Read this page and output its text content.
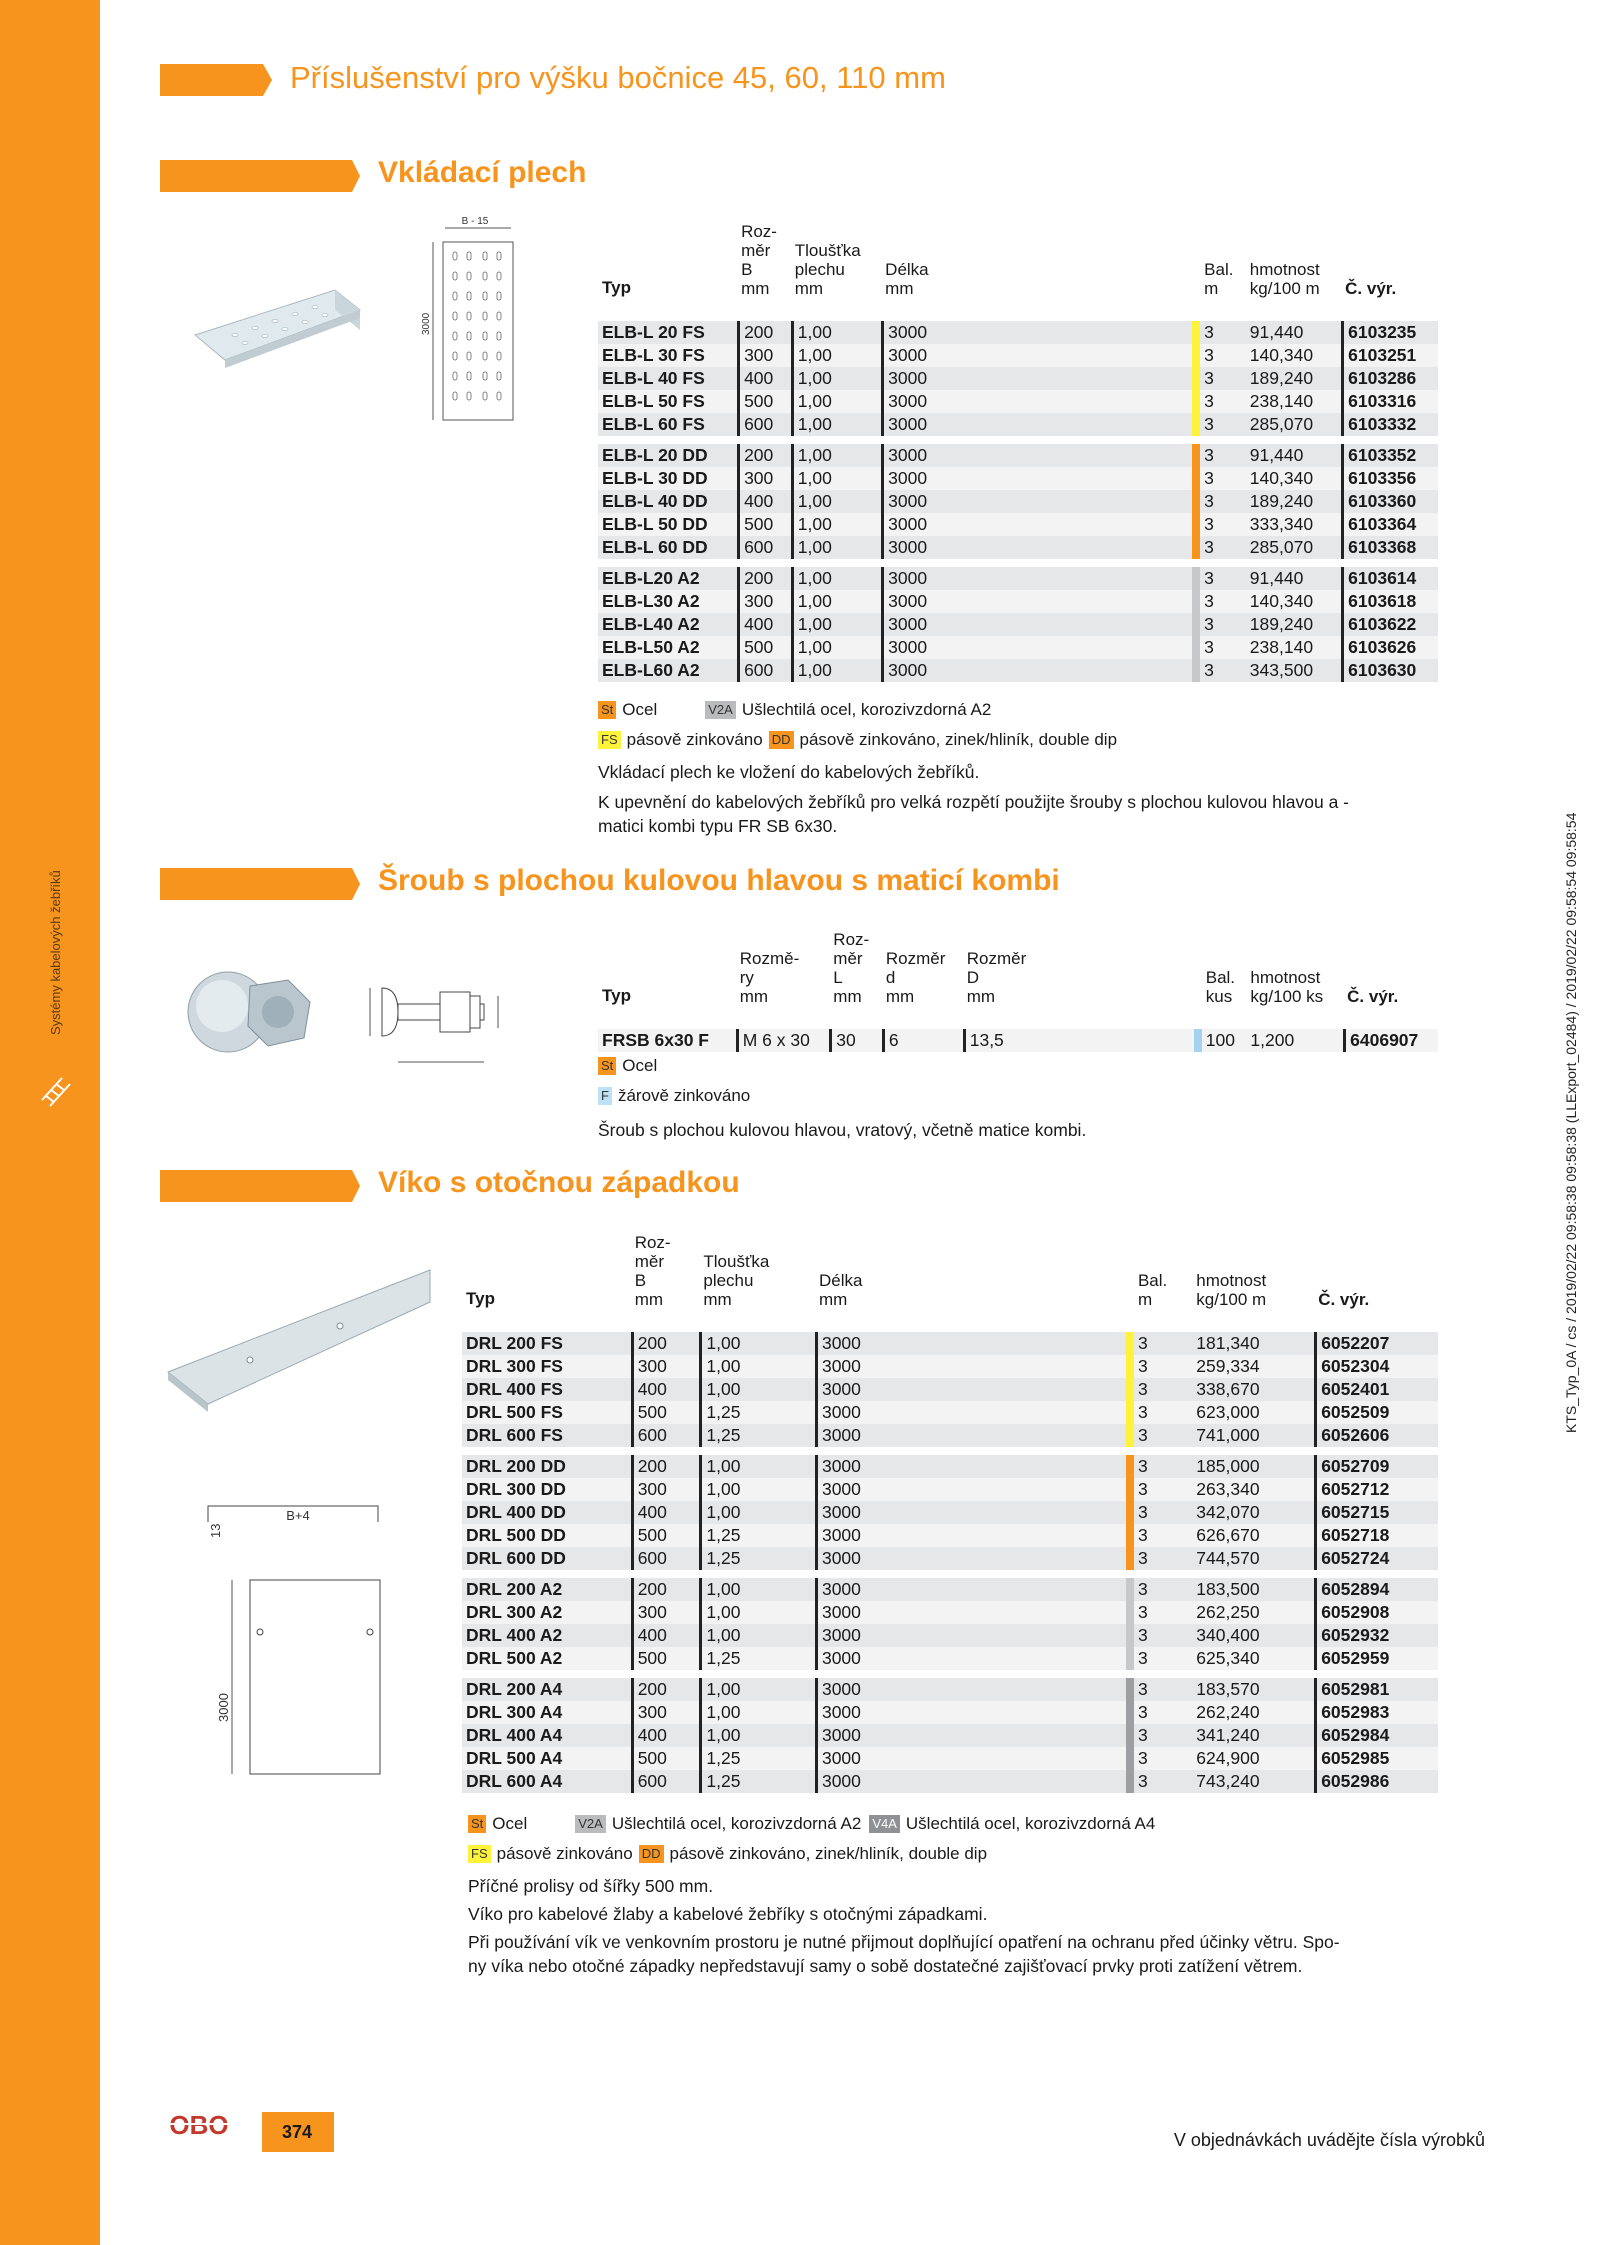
Systémy kabelových žebříků
Příslušenství pro výšku bočnice 45, 60, 110 mm
Vkládací plech
B - 15
3000
	Roz-
měr
B
mm	Tloušťka
plechu
mm	Délka
mm		Bal.
m	hmotnost
kg/100 m	Č. výr.
Typ							
ELB-L 20 FS	200	1,00	3000		3	91,440	6103235
ELB-L 30 FS	300	1,00	3000		3	140,340	6103251
ELB-L 40 FS	400	1,00	3000		3	189,240	6103286
ELB-L 50 FS	500	1,00	3000		3	238,140	6103316
ELB-L 60 FS	600	1,00	3000		3	285,070	6103332

ELB-L 20 DD	200	1,00	3000		3	91,440	6103352
ELB-L 30 DD	300	1,00	3000		3	140,340	6103356
ELB-L 40 DD	400	1,00	3000		3	189,240	6103360
ELB-L 50 DD	500	1,00	3000		3	333,340	6103364
ELB-L 60 DD	600	1,00	3000		3	285,070	6103368

ELB-L20 A2	200	1,00	3000		3	91,440	6103614
ELB-L30 A2	300	1,00	3000		3	140,340	6103618
ELB-L40 A2	400	1,00	3000		3	189,240	6103622
ELB-L50 A2	500	1,00	3000		3	238,140	6103626
ELB-L60 A2	600	1,00	3000		3	343,500	6103630
St Ocel	V2A Ušlechtilá ocel, korozivzdorná A2
FS pásově zinkováno DD pásově zinkováno, zinek/hliník, double dip
Vkládací plech ke vložení do kabelových žebříků.
K upevnění do kabelových žebříků pro velká rozpětí použijte šrouby s plochou kulovou hlavou a -
matici kombi typu FR SB 6x30.
Šroub s plochou kulovou hlavou s maticí kombi

Rozmě-
ry
mm	Roz-
měr
L
mm	Rozměr
d
mm	Rozměr
D
mm		Bal.
kus	hmotnost
kg/100 ks	Č. výr.
Typ								
FRSB 6x30 F	M 6 x 30	30	6	13,5		100	1,200	6406907
St Ocel
F žárově zinkováno
Šroub s plochou kulovou hlavou, vratový, včetně matice kombi.
Víko s otočnou západkou
B+4
13
3000
	Roz-
měr
B
mm	Tloušťka
plechu
mm	Délka
mm		Bal.
m	hmotnost
kg/100 m	Č. výr.
Typ							
DRL 200 FS	200	1,00	3000		3	181,340	6052207
DRL 300 FS	300	1,00	3000		3	259,334	6052304
DRL 400 FS	400	1,00	3000		3	338,670	6052401
DRL 500 FS	500	1,25	3000		3	623,000	6052509
DRL 600 FS	600	1,25	3000		3	741,000	6052606

DRL 200 DD	200	1,00	3000		3	185,000	6052709
DRL 300 DD	300	1,00	3000		3	263,340	6052712
DRL 400 DD	400	1,00	3000		3	342,070	6052715
DRL 500 DD	500	1,25	3000		3	626,670	6052718
DRL 600 DD	600	1,25	3000		3	744,570	6052724

DRL 200 A2	200	1,00	3000		3	183,500	6052894
DRL 300 A2	300	1,00	3000		3	262,250	6052908
DRL 400 A2	400	1,00	3000		3	340,400	6052932
DRL 500 A2	500	1,25	3000		3	625,340	6052959

DRL 200 A4	200	1,00	3000		3	183,570	6052981
DRL 300 A4	300	1,00	3000		3	262,240	6052983
DRL 400 A4	400	1,00	3000		3	341,240	6052984
DRL 500 A4	500	1,25	3000		3	624,900	6052985
DRL 600 A4	600	1,25	3000		3	743,240	6052986
St Ocel	V2A Ušlechtilá ocel, korozivzdorná A2 V4A Ušlechtilá ocel, korozivzdorná A4
FS pásově zinkováno DD pásově zinkováno, zinek/hliník, double dip
Příčné prolisy od šířky 500 mm.
Víko pro kabelové žlaby a kabelové žebříky s otočnými západkami.
Při používání vík ve venkovním prostoru je nutné přijmout doplňující opatření na ochranu před účinky větru. Spo-
ny víka nebo otočné západky nepředstavují samy o sobě dostatečné zajišťovací prvky proti zatížení větrem.
KTS_Typ_0A / cs / 2019/02/22 09:58:38 09:58:38 (LLExport_02484) / 2019/02/22 09:58:54 09:58:54
OBO	374	V objednávkách uvádějte čísla výrobků
